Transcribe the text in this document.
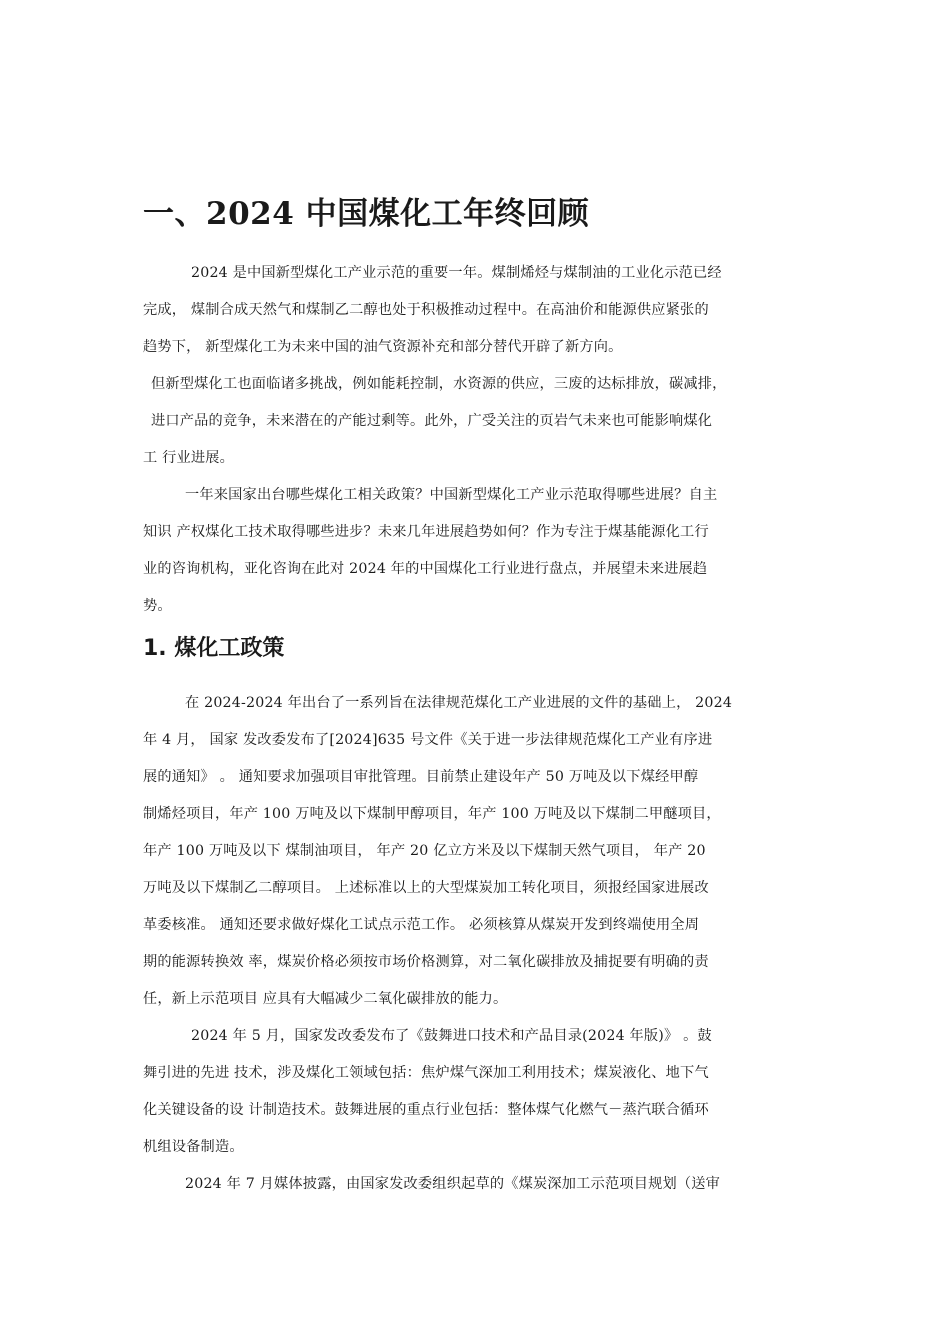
一、2024 中国煤化工年终回顾

2024 是中国新型煤化工产业示范的重要一年。煤制烯烃与煤制油的工业化示范已经

完成， 煤制合成天然气和煤制乙二醇也处于积极推动过程中。在高油价和能源供应紧张的

趋势下， 新型煤化工为未来中国的油气资源补充和部分替代开辟了新方向。

但新型煤化工也面临诸多挑战，例如能耗控制，水资源的供应，三废的达标排放，碳减排，

进口产品的竞争，未来潜在的产能过剩等。此外，广受关注的页岩气未来也可能影响煤化

工 行业进展。

一年来国家出台哪些煤化工相关政策？中国新型煤化工产业示范取得哪些进展？自主

知识 产权煤化工技术取得哪些进步？未来几年进展趋势如何？作为专注于煤基能源化工行

业的咨询机构，亚化咨询在此对 2024 年的中国煤化工行业进行盘点，并展望未来进展趋

势。

1. 煤化工政策

在 2024-2024 年出台了一系列旨在法律规范煤化工产业进展的文件的基础上， 2024

年 4 月， 国家 发改委发布了[2024]635 号文件《关于进一步法律规范煤化工产业有序进

展的通知》 。 通知要求加强项目审批管理。目前禁止建设年产 50 万吨及以下煤经甲醇

制烯烃项目，年产 100 万吨及以下煤制甲醇项目，年产 100 万吨及以下煤制二甲醚项目，

年产 100 万吨及以下 煤制油项目， 年产 20 亿立方米及以下煤制天然气项目， 年产 20

万吨及以下煤制乙二醇项目。 上述标准以上的大型煤炭加工转化项目，须报经国家进展改

革委核准。 通知还要求做好煤化工试点示范工作。 必须核算从煤炭开发到终端使用全周

期的能源转换效 率，煤炭价格必须按市场价格测算，对二氧化碳排放及捕捉要有明确的责

任，新上示范项目 应具有大幅减少二氧化碳排放的能力。

2024 年 5 月，国家发改委发布了《鼓舞进口技术和产品目录(2024 年版)》 。鼓

舞引进的先进 技术，涉及煤化工领域包括：焦炉煤气深加工利用技术；煤炭液化、地下气

化关键设备的设 计制造技术。鼓舞进展的重点行业包括：整体煤气化燃气－蒸汽联合循环

机组设备制造。

2024 年 7 月媒体披露，由国家发改委组织起草的《煤炭深加工示范项目规划（送审
